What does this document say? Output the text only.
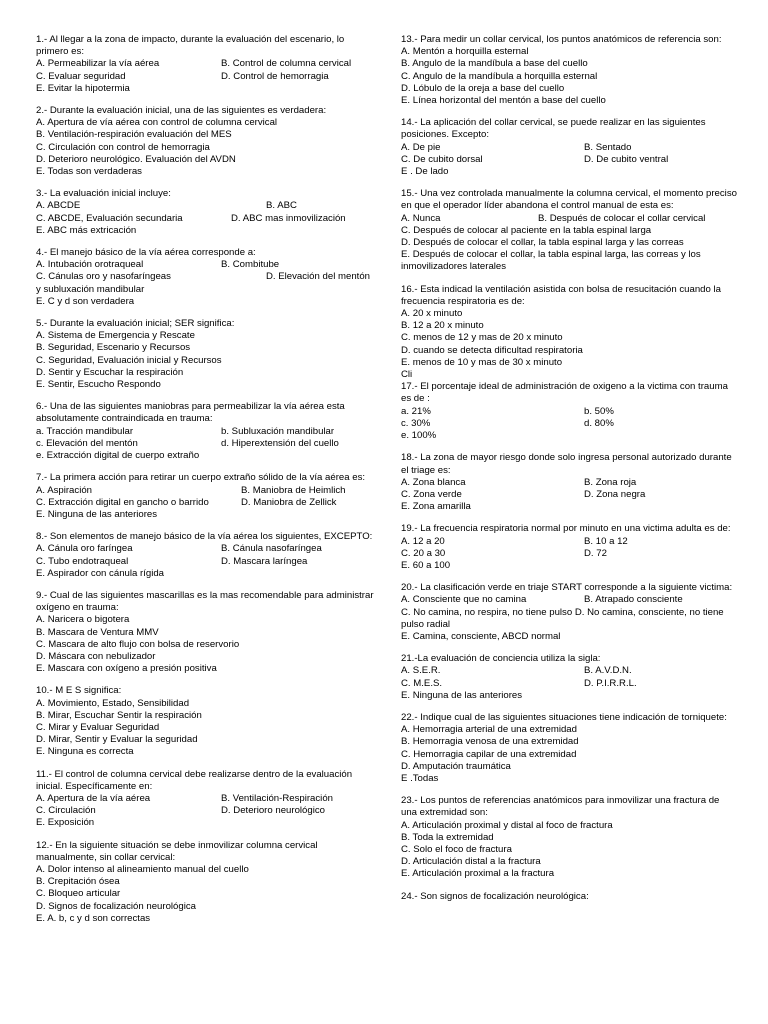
1.- Al llegar a la zona de impacto, durante la evaluación del escenario, lo primero es:
A. Permeabilizar la vía aérea	B. Control de columna cervical
C. Evaluar seguridad	D. Control de hemorragia
E. Evitar la hipotermia
2.- Durante la evaluación inicial, una de las siguientes es verdadera:
A. Apertura de vía aérea con control de columna cervical
B. Ventilación-respiración evaluación del MES
C. Circulación con control de hemorragia
D. Deterioro neurológico. Evaluación del AVDN
E. Todas son verdaderas
3.- La evaluación inicial incluye:
A. ABCDE	B. ABC
C. ABCDE, Evaluación secundaria	D. ABC mas inmovilización
E. ABC más extricación
4.- El manejo básico de la vía aérea corresponde a:
A. Intubación orotraqueal	B. Combitube
C. Cánulas oro y nasofaríngeas	D. Elevación del mentón y subluxación mandibular
E. C y d son verdadera
5.- Durante la evaluación inicial; SER significa:
A. Sistema de Emergencia y Rescate
B. Seguridad, Escenario y Recursos
C. Seguridad, Evaluación inicial y Recursos
D. Sentir y Escuchar la respiración
E. Sentir, Escucho Respondo
6.- Una de las siguientes maniobras para permeabilizar la vía aérea esta absolutamente contraindicada en trauma:
a. Tracción mandibular	b. Subluxación mandibular
c. Elevación del mentón	d. Hiperextensión del cuello
e. Extracción digital de cuerpo extraño
7.- La primera acción para retirar un cuerpo extraño sólido de la vía aérea es:
A. Aspiración	B. Maniobra de Heimlich
C. Extracción digital en gancho o barrido	D. Maniobra de Zellick
E. Ninguna de las anteriores
8.- Son elementos de manejo básico de la vía aérea los siguientes, EXCEPTO:
A. Cánula oro faríngea	B. Cánula nasofaríngea
C. Tubo endotraqueal	D. Mascara laríngea
E. Aspirador con cánula rígida
9.- Cual de las siguientes mascarillas es la mas recomendable para administrar oxígeno en trauma:
A. Naricera o bigotera
B. Mascara de Ventura MMV
C. Mascara de alto flujo con bolsa de reservorio
D. Máscara con nebulizador
E. Mascara con oxígeno a presión positiva
10.- M E S significa:
A. Movimiento, Estado, Sensibilidad
B. Mirar, Escuchar Sentir la respiración
C. Mirar y Evaluar Seguridad
D. Mirar, Sentir y Evaluar la seguridad
E. Ninguna es correcta
11.- El control de columna cervical debe realizarse dentro de la evaluación inicial. Específicamente en:
A. Apertura de la vía aérea	B. Ventilación-Respiración
C. Circulación	D. Deterioro neurológico
E. Exposición
12.- En la siguiente situación se debe inmovilizar columna cervical manualmente, sin collar cervical:
A. Dolor intenso al alineamiento manual del cuello
B. Crepitación ósea
C. Bloqueo articular
D. Signos de focalización neurológica
E. A. b, c y d son correctas
13.- Para medir un collar cervical, los puntos anatómicos de referencia son:
A. Mentón a horquilla esternal
B. Angulo de la mandíbula a base del cuello
C. Angulo de la mandíbula a horquilla esternal
D. Lóbulo de la oreja a base del cuello
E. Línea horizontal del mentón a base del cuello
14.- La aplicación del collar cervical, se puede realizar en las siguientes posiciones. Excepto:
A. De pie	B. Sentado
C. De cubito dorsal	D. De cubito ventral
E . De lado
15.- Una vez controlada manualmente la columna cervical, el momento preciso en que el operador líder abandona el control manual de esta es:
A. Nunca	B. Después de colocar el collar cervical
C. Después de colocar al paciente en la tabla espinal larga
D. Después de colocar el collar, la tabla espinal larga y las correas
E. Después de colocar el collar, la tabla espinal larga, las correas y los inmovilizadores laterales
16.- Esta indicad la ventilación asistida con bolsa de resucitación cuando la frecuencia respiratoria es de:
A. 20 x minuto
B. 12 a 20 x minuto
C. menos de 12 y mas de 20 x minuto
D. cuando se detecta dificultad respiratoria
E. menos de 10 y mas de 30 x minuto
Cli
17.- El porcentaje ideal de administración de oxigeno a la victima con trauma es de :
a. 21%	b. 50%
c. 30%	d. 80%
e. 100%
18.- La zona de mayor riesgo donde solo ingresa personal autorizado durante el triage es:
A. Zona blanca	B. Zona roja
C. Zona verde	D. Zona negra
E. Zona amarilla
19.- La frecuencia respiratoria normal por minuto en una victima adulta es de:
A. 12 a 20	B. 10 a 12
C. 20 a 30	D. 72
E. 60 a 100
20.- La clasificación verde en triaje START corresponde a la siguiente victima:
A. Consciente que no camina	B. Atrapado consciente
C. No camina, no respira, no tiene pulso D. No camina, consciente, no tiene pulso radial
E. Camina, consciente, ABCD normal
21.-La evaluación de conciencia utiliza la sigla:
A. S.E.R.	B. A.V.D.N.
C. M.E.S.	D. P.I.R.R.L.
E. Ninguna de las anteriores
22.- Indique cual de las siguientes situaciones tiene indicación de torniquete:
A. Hemorragia arterial de una extremidad
B. Hemorragia venosa de una extremidad
C. Hemorragia capilar de una extremidad
D. Amputación traumática
E .Todas
23.- Los puntos de referencias anatómicos para inmovilizar una fractura de una extremidad son:
A. Articulación proximal y distal al foco de fractura
B. Toda la extremidad
C. Solo el foco de fractura
D. Articulación distal a la fractura
E. Articulación proximal a la fractura
24.- Son signos de focalización neurológica:
